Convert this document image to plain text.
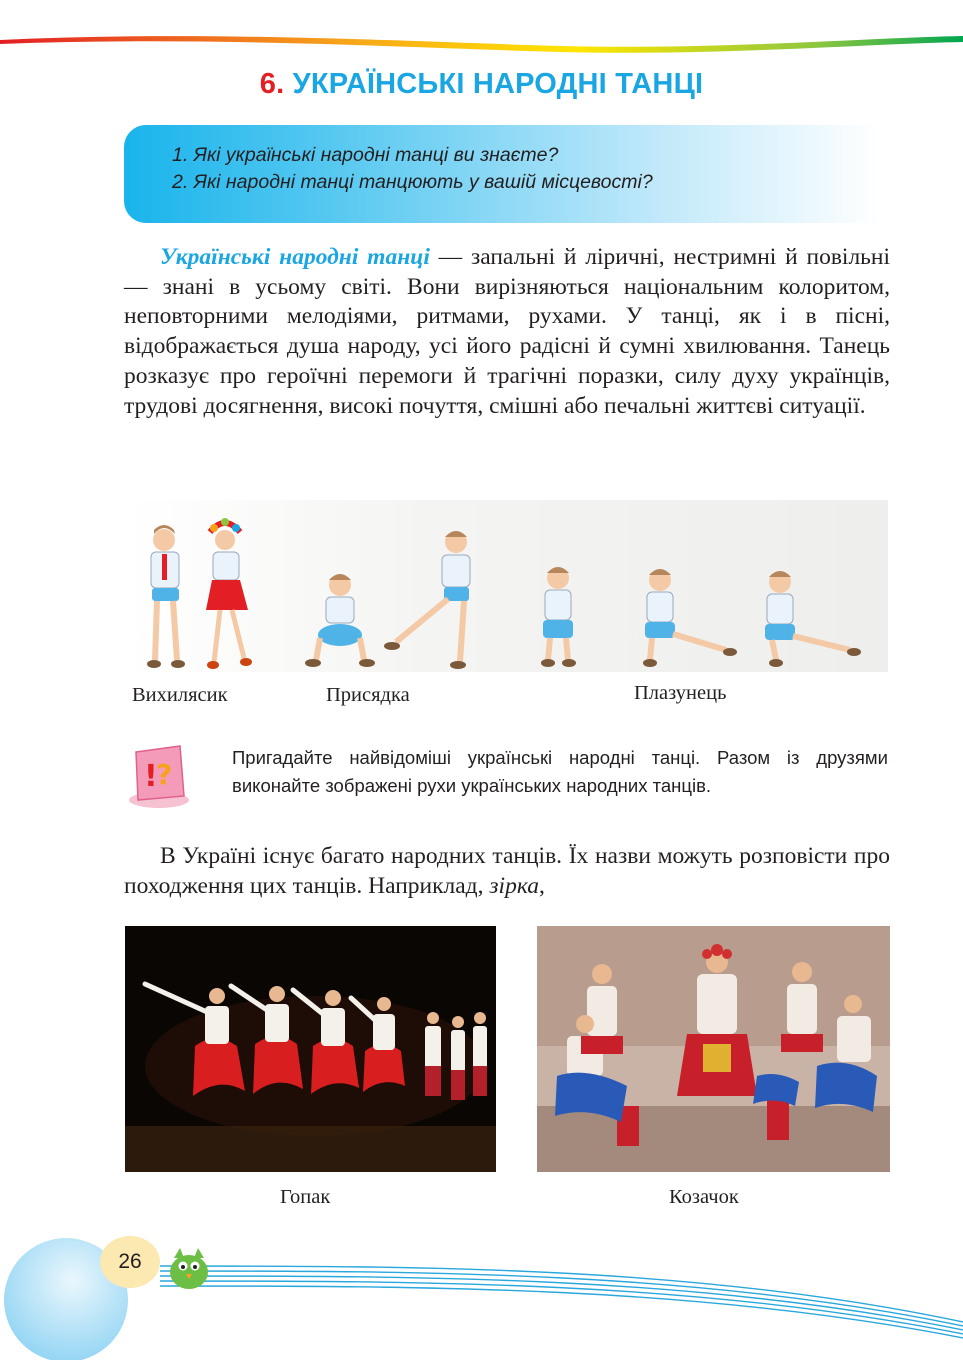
6. УКРАЇНСЬКІ НАРОДНІ ТАНЦІ
1. Які українські народні танці ви знаєте?
2. Які народні танці танцюють у вашій місцевості?

Українські народні танці — запальні й ліричні, нестримні й повільні — знані в усьому світі. Вони вирізняються національним колоритом, неповторними мелодіями, ритмами, рухами. У танці, як і в пісні, відображається душа народу, усі його радісні й сумні хвилювання. Танець розказує про героїчні перемоги й трагічні поразки, силу духу українців, трудові досягнення, високі почуття, смішні або печальні життєві ситуації.

Вихилясик	Присядка	Плазунець
!
?
Пригадайте найвідоміші українські народні танці. Разом із друзями виконайте зображені рухи українських народних танців.

В Україні існує багато народних танців. Їх назви можуть розповісти про походження цих танців. Наприклад, зірка,

Гопак	Козачок
26
